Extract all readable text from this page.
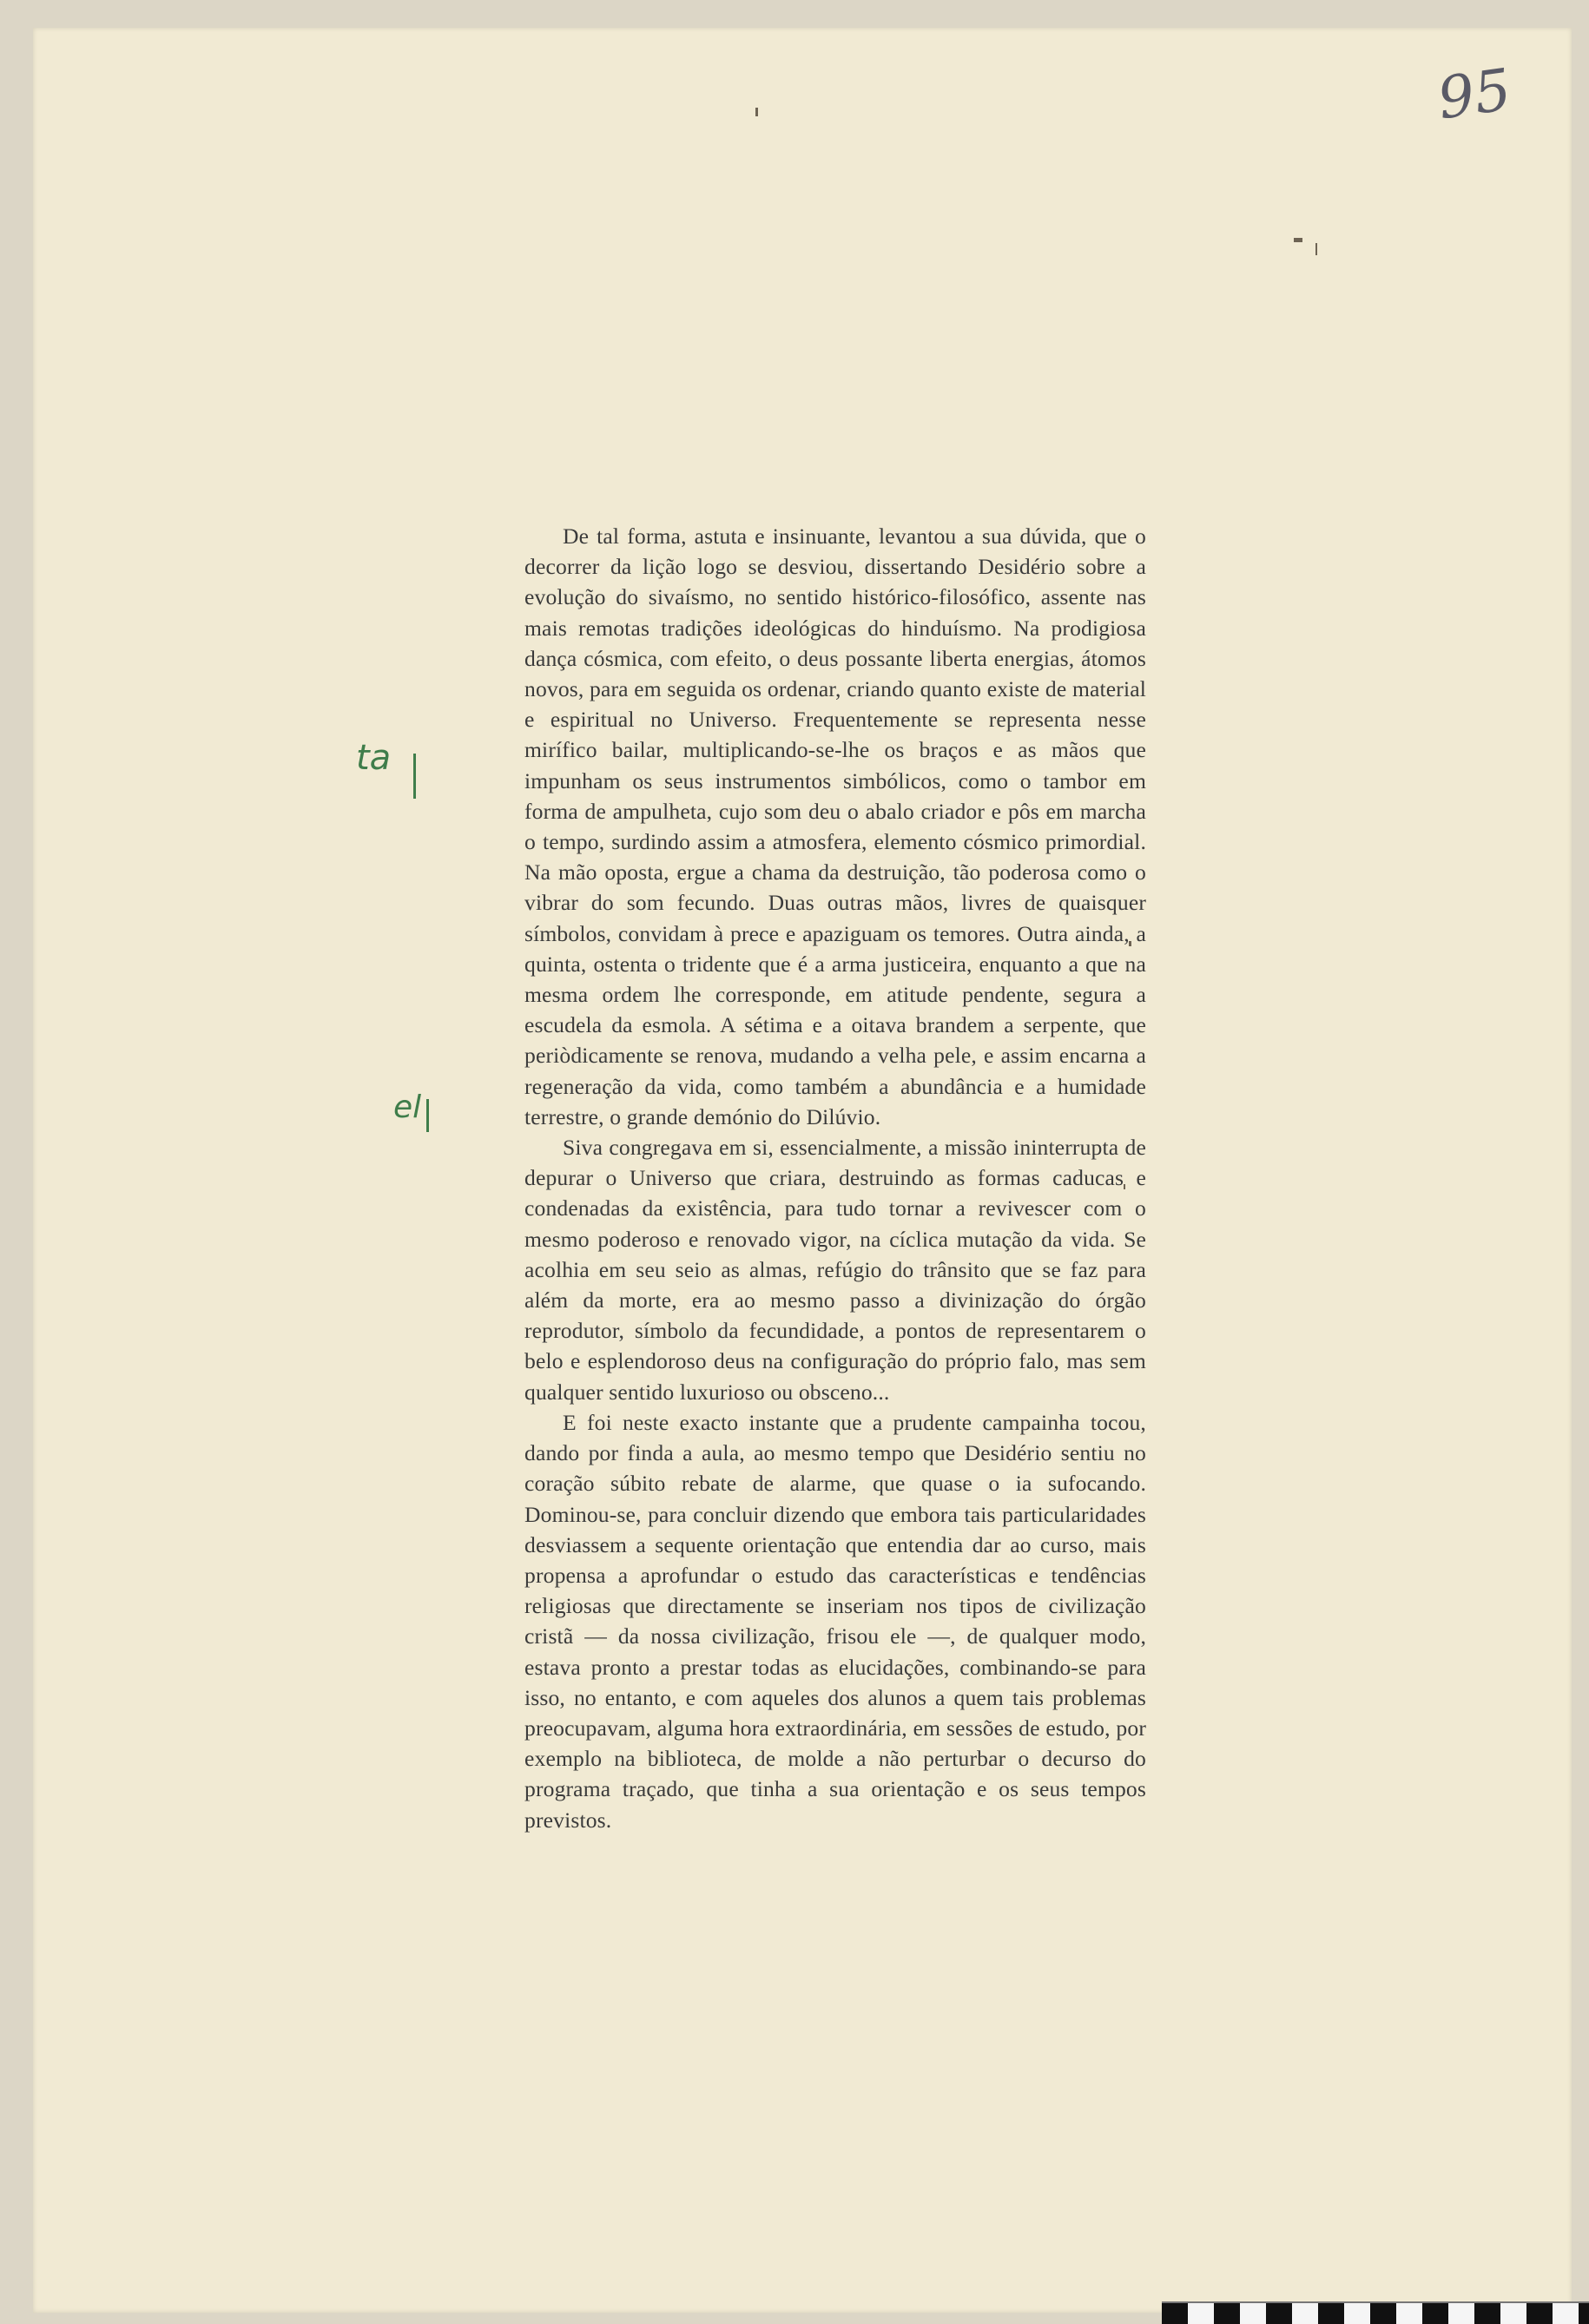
95
ta
el

De tal forma, astuta e insinuante, levantou a sua dúvida, que o decorrer da lição logo se desviou, dissertando Desidério sobre a evolução do sivaísmo, no sentido histórico-filosófico, assente nas mais remotas tradições ideológicas do hinduísmo. Na prodigiosa dança cósmica, com efeito, o deus possante liberta energias, átomos novos, para em seguida os ordenar, criando quanto existe de material e espiritual no Universo. Frequentemente se representa nesse mirífico bailar, multiplicando-se-lhe os braços e as mãos que impunham os seus instrumentos simbólicos, como o tambor em forma de ampulheta, cujo som deu o abalo criador e pôs em marcha o tempo, surdindo assim a atmosfera, elemento cósmico primordial. Na mão oposta, ergue a chama da destruição, tão poderosa como o vibrar do som fecundo. Duas outras mãos, livres de quaisquer símbolos, convidam à prece e apaziguam os temores. Outra ainda, a quinta, ostenta o tridente que é a arma justiceira, enquanto a que na mesma ordem lhe corresponde, em atitude pendente, segura a escudela da esmola. A sétima e a oitava brandem a serpente, que periòdicamente se renova, mudando a velha pele, e assim encarna a regeneração da vida, como também a abundância e a humidade terrestre, o grande demónio do Dilúvio.

Siva congregava em si, essencialmente, a missão ininterrupta de depurar o Universo que criara, destruindo as formas caducas e condenadas da existência, para tudo tornar a revivescer com o mesmo poderoso e renovado vigor, na cíclica mutação da vida. Se acolhia em seu seio as almas, refúgio do trânsito que se faz para além da morte, era ao mesmo passo a divinização do órgão reprodutor, símbolo da fecundidade, a pontos de representarem o belo e esplendoroso deus na configuração do próprio falo, mas sem qualquer sentido luxurioso ou obsceno...

E foi neste exacto instante que a prudente campainha tocou, dando por finda a aula, ao mesmo tempo que Desidério sentiu no coração súbito rebate de alarme, que quase o ia sufocando. Dominou-se, para concluir dizendo que embora tais particularidades desviassem a sequente orientação que entendia dar ao curso, mais propensa a aprofundar o estudo das características e tendências religiosas que directamente se inseriam nos tipos de civilização cristã — da nossa civilização, frisou ele —, de qualquer modo, estava pronto a prestar todas as elucidações, combinando-se para isso, no entanto, e com aqueles dos alunos a quem tais problemas preocupavam, alguma hora extraordinária, em sessões de estudo, por exemplo na biblioteca, de molde a não perturbar o decurso do programa traçado, que tinha a sua orientação e os seus tempos previstos.
